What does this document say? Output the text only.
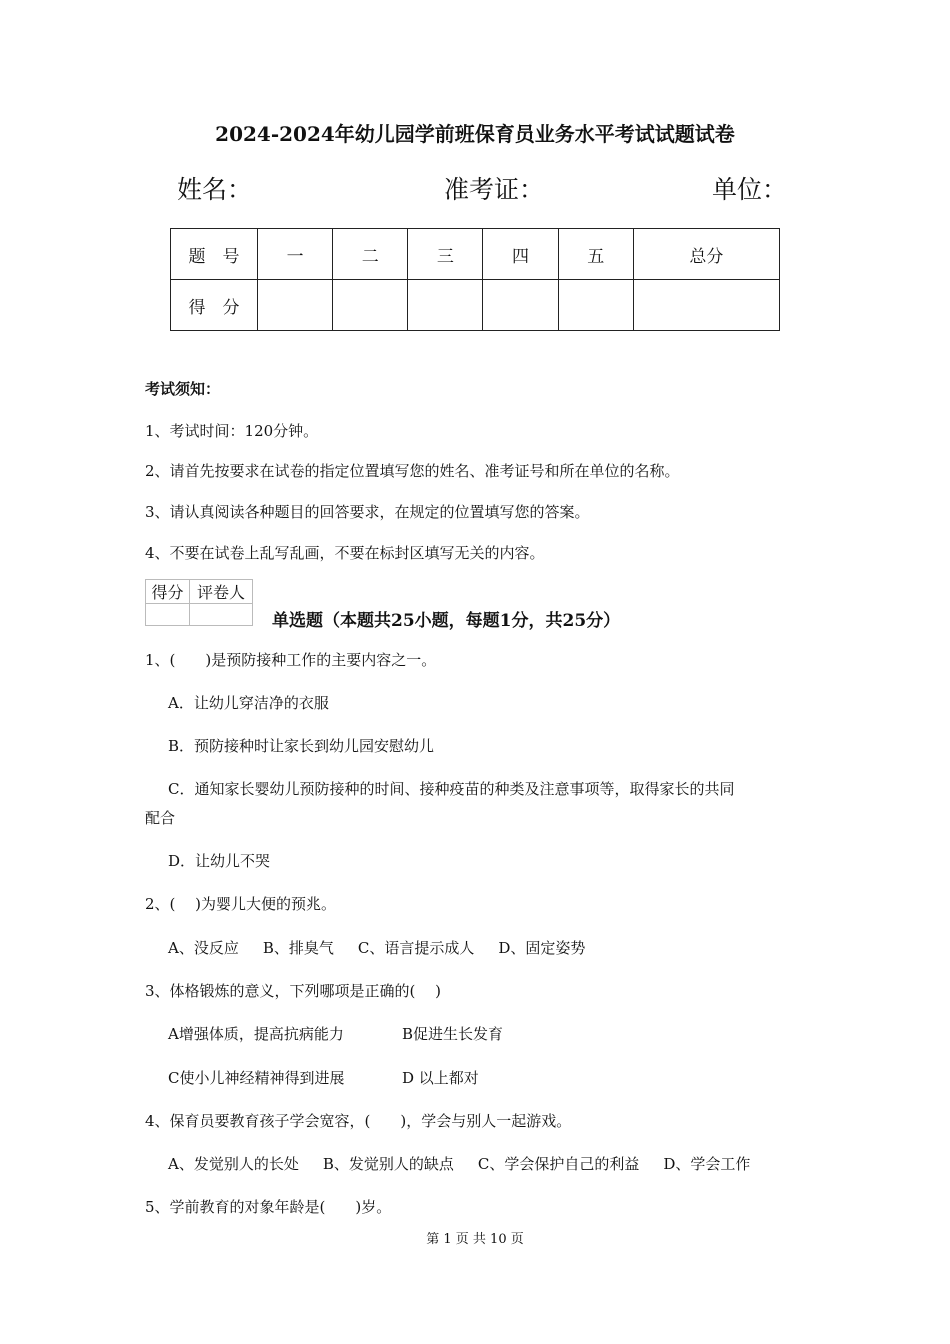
2024-2024年幼儿园学前班保育员业务水平考试试题试卷
姓名：	准考证：	单位：
题　号	一	二	三	四	五	总分
得　分						
考试须知：
1、考试时间：120分钟。
2、请首先按要求在试卷的指定位置填写您的姓名、准考证号和所在单位的名称。
3、请认真阅读各种题目的回答要求，在规定的位置填写您的答案。
4、不要在试卷上乱写乱画，不要在标封区填写无关的内容。
得分	评卷人

单选题（本题共25小题，每题1分，共25分）
1、(　　)是预防接种工作的主要内容之一。
A．让幼儿穿洁净的衣服
B．预防接种时让家长到幼儿园安慰幼儿
C．通知家长婴幼儿预防接种的时间、接种疫苗的种类及注意事项等，取得家长的共同
配合
D．让幼儿不哭
2、(　 )为婴儿大便的预兆。
A、没反应 B、排臭气 C、语言提示成人 D、固定姿势
3、体格锻炼的意义，下列哪项是正确的(　 )
A增强体质，提高抗病能力	B促进生长发育
C使小儿神经精神得到进展	D 以上都对
4、保育员要教育孩子学会宽容，(　　)，学会与别人一起游戏。
A、发觉别人的长处 B、发觉别人的缺点 C、学会保护自己的利益 D、学会工作
5、学前教育的对象年龄是(　　)岁。
第 1 页 共 10 页
